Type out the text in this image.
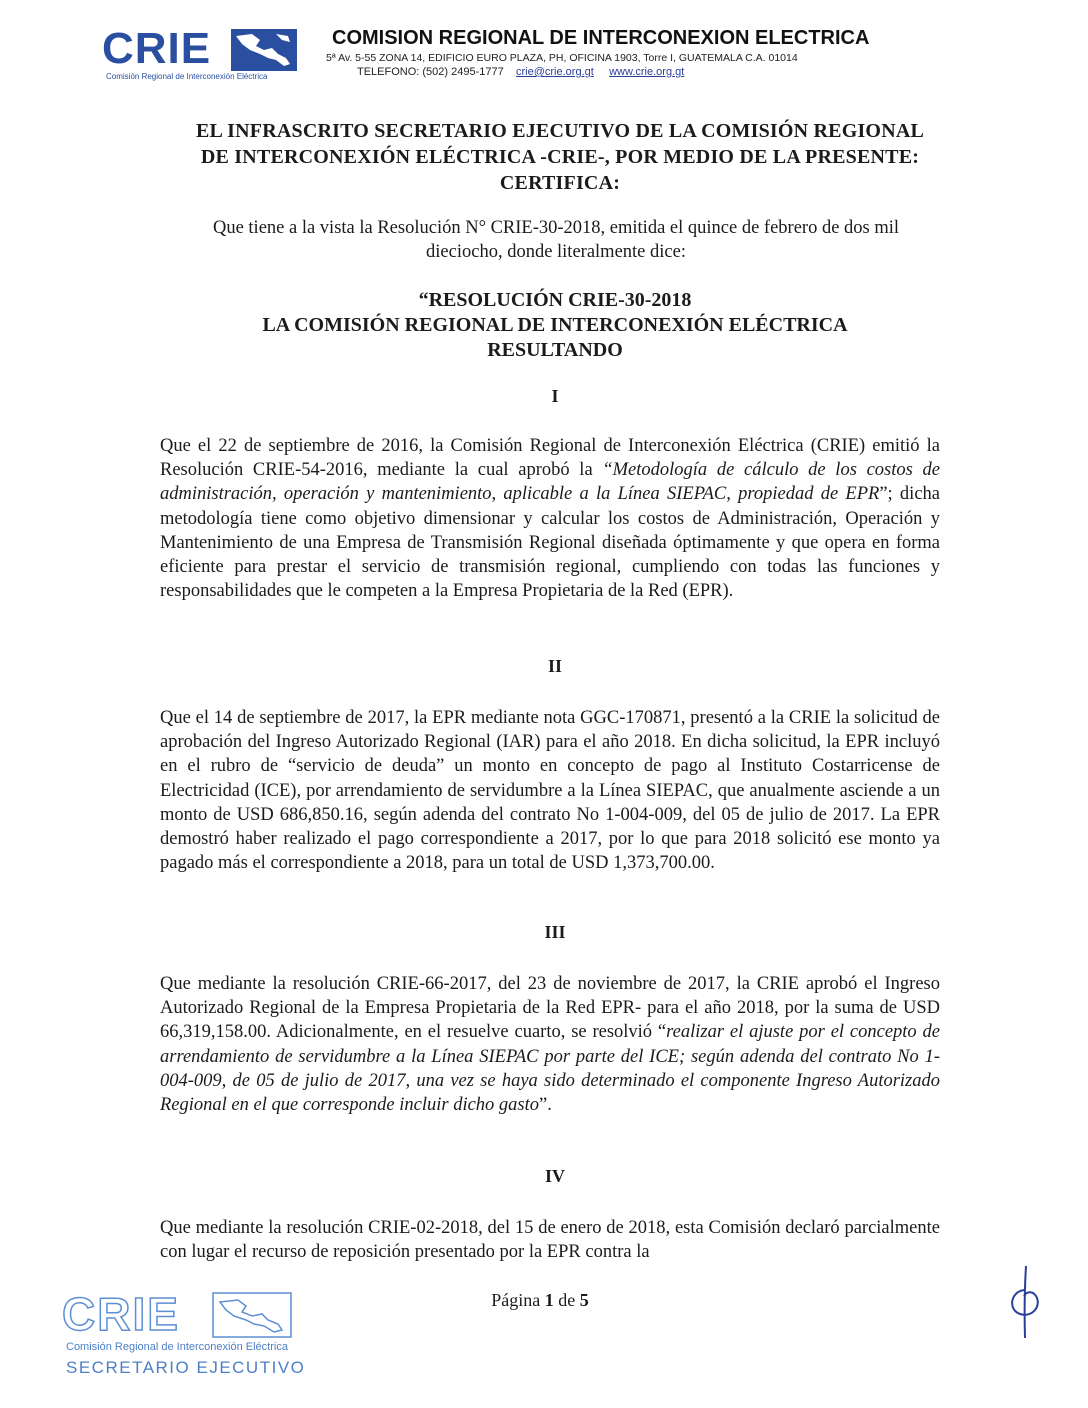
CRIE
Comisión Regional de Interconexión Eléctrica
COMISION REGIONAL DE INTERCONEXION ELECTRICA
5ª Av. 5-55 ZONA 14, EDIFICIO EURO PLAZA, PH, OFICINA 1903, Torre I, GUATEMALA C.A. 01014
TELEFONO: (502) 2495-1777 crie@crie.org.gt www.crie.org.gt
EL INFRASCRITO SECRETARIO EJECUTIVO DE LA COMISIÓN REGIONAL
DE INTERCONEXIÓN ELÉCTRICA -CRIE-, POR MEDIO DE LA PRESENTE:
CERTIFICA:
Que tiene a la vista la Resolución N° CRIE-30-2018, emitida el quince de febrero de dos mil
dieciocho, donde literalmente dice:
“RESOLUCIÓN CRIE-30-2018
LA COMISIÓN REGIONAL DE INTERCONEXIÓN ELÉCTRICA
RESULTANDO
I
Que el 22 de septiembre de 2016, la Comisión Regional de Interconexión Eléctrica (CRIE) emitió la Resolución CRIE-54-2016, mediante la cual aprobó la “Metodología de cálculo de los costos de administración, operación y mantenimiento, aplicable a la Línea SIEPAC, propiedad de EPR”; dicha metodología tiene como objetivo dimensionar y calcular los costos de Administración, Operación y Mantenimiento de una Empresa de Transmisión Regional diseñada óptimamente y que opera en forma eficiente para prestar el servicio de transmisión regional, cumpliendo con todas las funciones y responsabilidades que le competen a la Empresa Propietaria de la Red (EPR).
II
Que el 14 de septiembre de 2017, la EPR mediante nota GGC-170871, presentó a la CRIE la solicitud de aprobación del Ingreso Autorizado Regional (IAR) para el año 2018. En dicha solicitud, la EPR incluyó en el rubro de “servicio de deuda” un monto en concepto de pago al Instituto Costarricense de Electricidad (ICE), por arrendamiento de servidumbre a la Línea SIEPAC, que anualmente asciende a un monto de USD 686,850.16, según adenda del contrato No 1-004-009, del 05 de julio de 2017. La EPR demostró haber realizado el pago correspondiente a 2017, por lo que para 2018 solicitó ese monto ya pagado más el correspondiente a 2018, para un total de USD 1,373,700.00.
III
Que mediante la resolución CRIE-66-2017, del 23 de noviembre de 2017, la CRIE aprobó el Ingreso Autorizado Regional de la Empresa Propietaria de la Red EPR- para el año 2018, por la suma de USD 66,319,158.00. Adicionalmente, en el resuelve cuarto, se resolvió “realizar el ajuste por el concepto de arrendamiento de servidumbre a la Línea SIEPAC por parte del ICE; según adenda del contrato No 1-004-009, de 05 de julio de 2017, una vez se haya sido determinado el componente Ingreso Autorizado Regional en el que corresponde incluir dicho gasto”.
IV
Que mediante la resolución CRIE-02-2018, del 15 de enero de 2018, esta Comisión declaró parcialmente con lugar el recurso de reposición presentado por la EPR contra la
Página 1 de 5
CRIE
Comisión Regional de Interconexión Eléctrica
SECRETARIO EJECUTIVO
